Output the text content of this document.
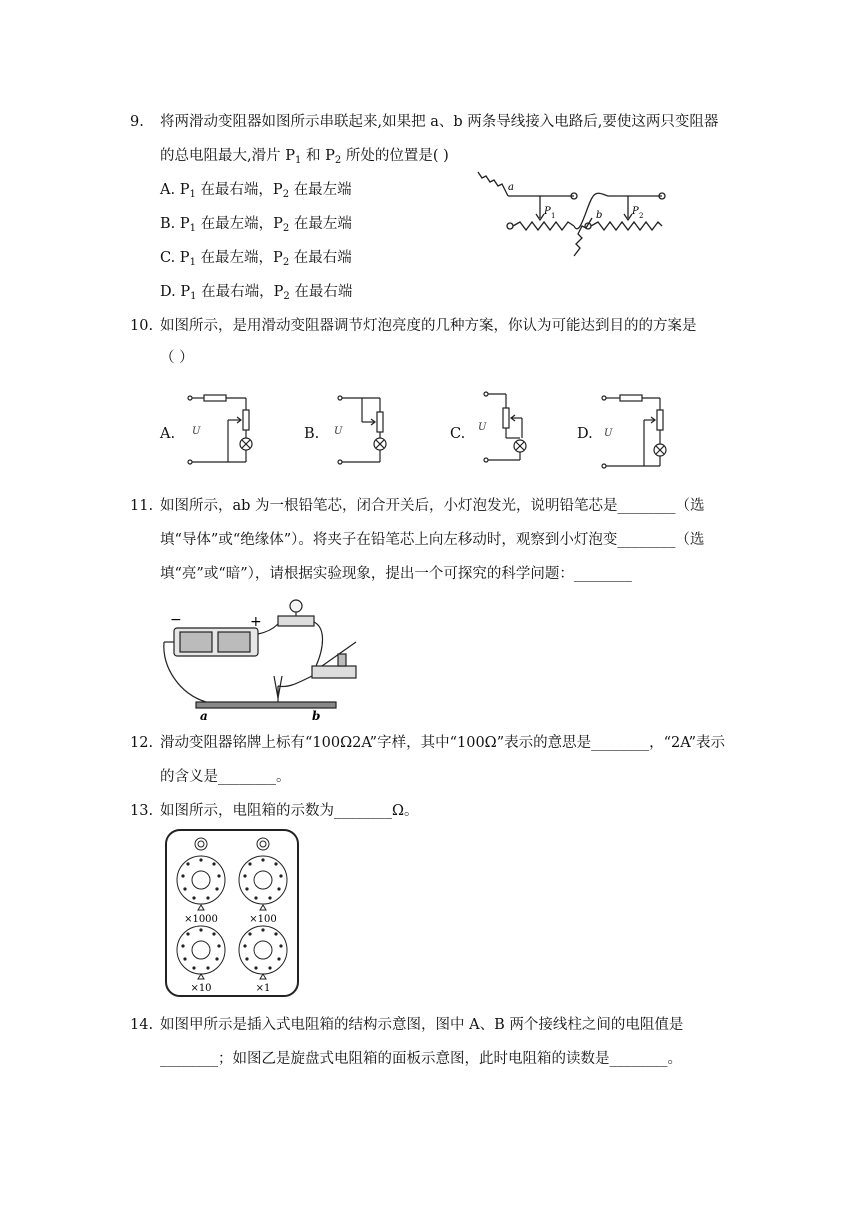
9. 将两滑动变阻器如图所示串联起来,如果把 a、b 两条导线接入电路后,要使这两只变阻器
的总电阻最大,滑片 $P_1$ 和 $P_2$ 所处的位置是( )
A. $P_1$ 在最右端，$P_2$ 在最左端
B. $P_1$ 在最左端，$P_2$ 在最左端
C. $P_1$ 在最左端，$P_2$ 在最右端
D. $P_1$ 在最右端，$P_2$ 在最右端
a
b
P 1	P 2
10. 如图所示，是用滑动变阻器调节灯泡亮度的几种方案，你认为可能达到目的的方案是
（ ）
A. U	B. U	C. U	D. U
11. 如图所示，ab 为一根铅笔芯，闭合开关后，小灯泡发光，说明铅笔芯是________（选
填“导体”或“绝缘体”）。将夹子在铅笔芯上向左移动时，观察到小灯泡变________（选
填“亮”或“暗”），请根据实验现象，提出一个可探究的科学问题：________
−	+
a	b
12. 滑动变阻器铭牌上标有“100Ω2A”字样，其中“100Ω”表示的意思是________，“2A”表示
的含义是________。
13. 如图所示，电阻箱的示数为________Ω。
×1000	×100
×10	×1
14. 如图甲所示是插入式电阻箱的结构示意图，图中 A、B 两个接线柱之间的电阻值是
________；如图乙是旋盘式电阻箱的面板示意图，此时电阻箱的读数是________。
